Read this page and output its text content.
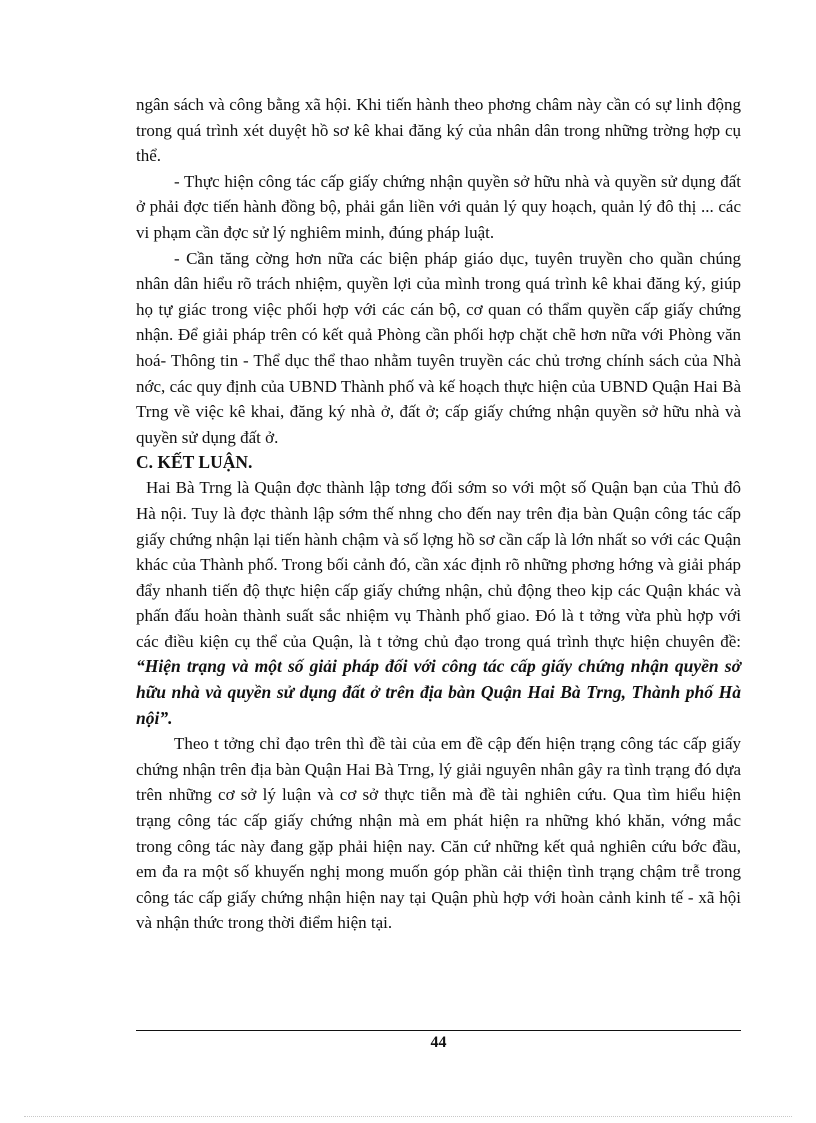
ngân sách và công bằng xã hội. Khi tiến hành theo phơng châm này cần có sự linh động trong quá trình xét duyệt hồ sơ kê khai đăng ký của nhân dân trong những trờng hợp cụ thể.

- Thực hiện công tác cấp giấy chứng nhận quyền sở hữu nhà và quyền sử dụng đất ở phải đợc tiến hành đồng bộ, phải gắn liền với quản lý quy hoạch, quản lý đô thị ... các vi phạm cần đợc sử lý nghiêm minh, đúng pháp luật.

- Cần tăng cờng hơn nữa các biện pháp giáo dục, tuyên truyền cho quần chúng nhân dân hiểu rõ trách nhiệm, quyền lợi của mình trong quá trình kê khai đăng ký, giúp họ tự giác trong việc phối hợp với các cán bộ, cơ quan có thẩm quyền cấp giấy chứng nhận. Để giải pháp trên có kết quả Phòng cần phối hợp chặt chẽ hơn nữa với Phòng văn hoá- Thông tin - Thể dục thể thao nhằm tuyên truyền các chủ trơng chính sách của Nhà nớc, các quy định của UBND Thành phố và kế hoạch thực hiện của UBND Quận Hai Bà Trng về việc kê khai, đăng ký nhà ở, đất ở; cấp giấy chứng nhận quyền sở hữu nhà và quyền sử dụng đất ở.

C. KẾT LUẬN.

Hai Bà Trng là Quận đợc thành lập tơng đối sớm so với một số Quận bạn của Thủ đô Hà nội. Tuy là đợc thành lập sớm thế nhng cho đến nay trên địa bàn Quận công tác cấp giấy chứng nhận lại tiến hành chậm và số lợng hồ sơ cần cấp là lớn nhất so với các Quận khác của Thành phố. Trong bối cảnh đó, cần xác định rõ những phơng hớng và giải pháp đẩy nhanh tiến độ thực hiện cấp giấy chứng nhận, chủ động theo kịp các Quận khác và phấn đấu hoàn thành suất sắc nhiệm vụ Thành phố giao. Đó là t tởng vừa phù hợp với các điều kiện cụ thể của Quận, là t tởng chủ đạo trong quá trình thực hiện chuyên đề: “Hiện trạng và một số giải pháp đối với công tác cấp giấy chứng nhận quyền sở hữu nhà và quyền sử dụng đất ở trên địa bàn Quận Hai Bà Trng, Thành phố Hà nội”.

Theo t tởng chỉ đạo trên thì đề tài của em đề cập đến hiện trạng công tác cấp giấy chứng nhận trên địa bàn Quận Hai Bà Trng, lý giải nguyên nhân gây ra tình trạng đó dựa trên những cơ sở lý luận và cơ sở thực tiễn mà đề tài nghiên cứu. Qua tìm hiểu hiện trạng công tác cấp giấy chứng nhận mà em phát hiện ra những khó khăn, vớng mắc trong công tác này đang gặp phải hiện nay. Căn cứ những kết quả nghiên cứu bớc đầu, em đa ra một số khuyến nghị mong muốn góp phần cải thiện tình trạng chậm trễ trong công tác cấp giấy chứng nhận hiện nay tại Quận phù hợp với hoàn cảnh kinh tế - xã hội và nhận thức trong thời điểm hiện tại.

44
